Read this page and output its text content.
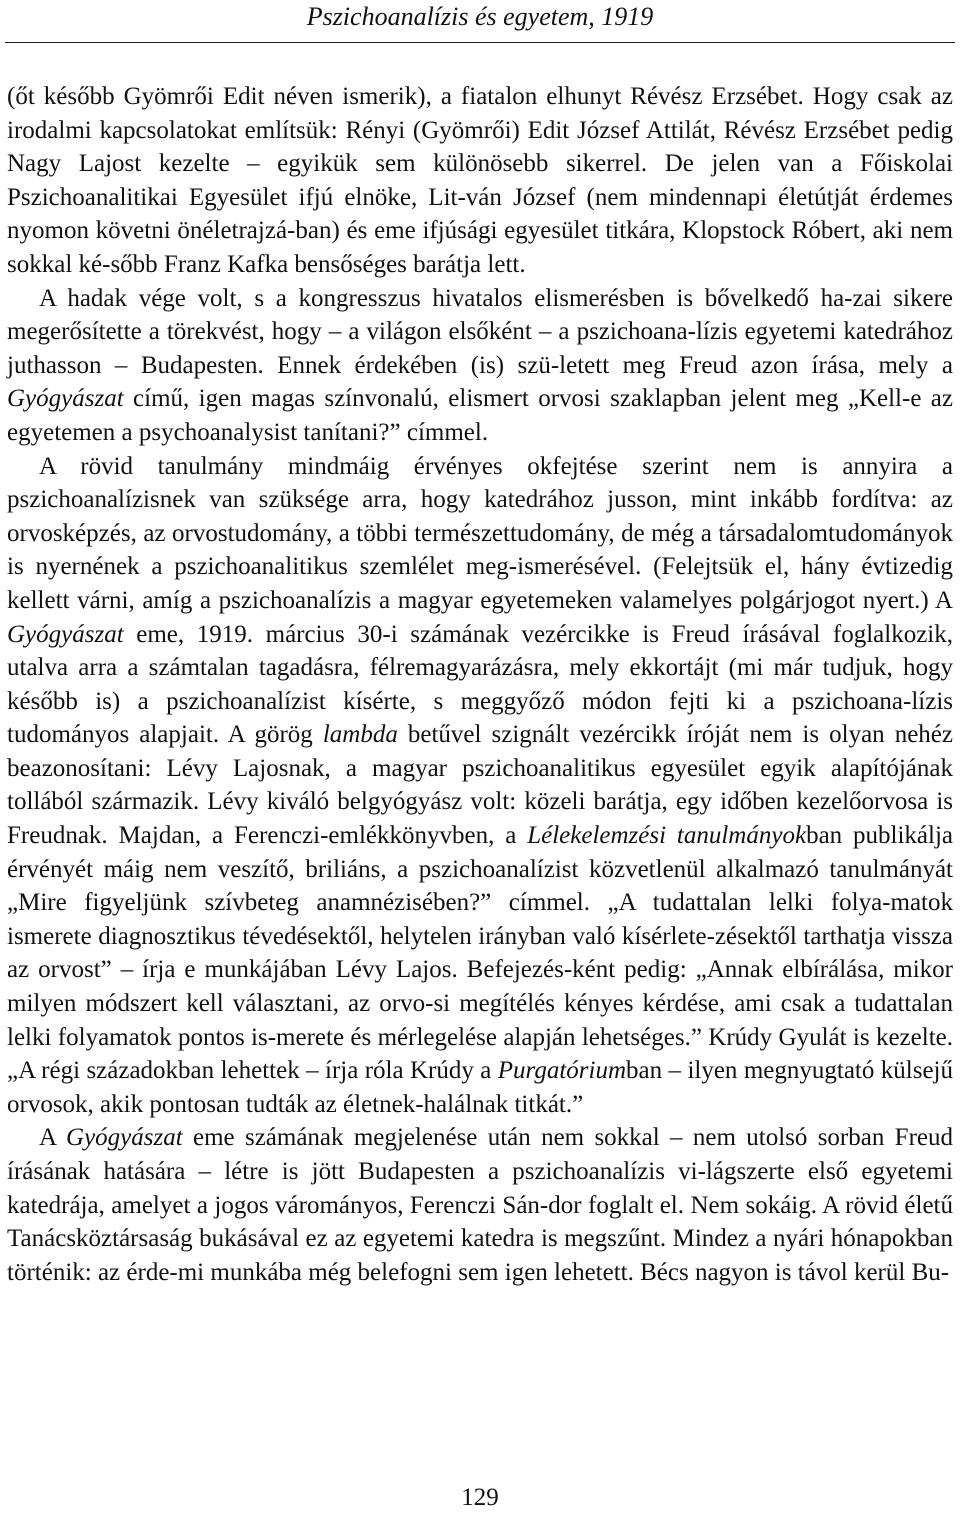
Pszichoanalízis és egyetem, 1919

(őt később Gyömrői Edit néven ismerik), a fiatalon elhunyt Révész Erzsébet. Hogy csak az irodalmi kapcsolatokat említsük: Rényi (Gyömrői) Edit József Attilát, Révész Erzsébet pedig Nagy Lajost kezelte – egyikük sem különösebb sikerrel. De jelen van a Főiskolai Pszichoanalitikai Egyesület ifjú elnöke, Lit-ván József (nem mindennapi életútját érdemes nyomon követni önéletrajzá-ban) és eme ifjúsági egyesület titkára, Klopstock Róbert, aki nem sokkal ké-sőbb Franz Kafka bensőséges barátja lett.

A hadak vége volt, s a kongresszus hivatalos elismerésben is bővelkedő ha-zai sikere megerősítette a törekvést, hogy – a világon elsőként – a pszichoana-lízis egyetemi katedrához juthasson – Budapesten. Ennek érdekében (is) szü-letett meg Freud azon írása, mely a Gyógyászat című, igen magas színvonalú, elismert orvosi szaklapban jelent meg „Kell-e az egyetemen a psychoanalysist tanítani?” címmel.

A rövid tanulmány mindmáig érvényes okfejtése szerint nem is annyira a pszichoanalízisnek van szüksége arra, hogy katedrához jusson, mint inkább fordítva: az orvosképzés, az orvostudomány, a többi természettudomány, de még a társadalomtudományok is nyernének a pszichoanalitikus szemlélet meg-ismerésével. (Felejtsük el, hány évtizedig kellett várni, amíg a pszichoanalízis a magyar egyetemeken valamelyes polgárjogot nyert.) A Gyógyászat eme, 1919. március 30-i számának vezércikke is Freud írásával foglalkozik, utalva arra a számtalan tagadásra, félremagyarázásra, mely ekkortájt (mi már tudjuk, hogy később is) a pszichoanalízist kísérte, s meggyőző módon fejti ki a pszichoana-lízis tudományos alapjait. A görög lambda betűvel szignált vezércikk íróját nem is olyan nehéz beazonosítani: Lévy Lajosnak, a magyar pszichoanalitikus egyesület egyik alapítójának tollából származik. Lévy kiváló belgyógyász volt: közeli barátja, egy időben kezelőorvosa is Freudnak. Majdan, a Ferenczi-emlékkönyvben, a Lélekelemzési tanulmányokban publikálja érvényét máig nem veszítő, briliáns, a pszichoanalízist közvetlenül alkalmazó tanulmányát „Mire figyeljünk szívbeteg anamnézisében?” címmel. „A tudattalan lelki folya-matok ismerete diagnosztikus tévedésektől, helytelen irányban való kísérlete-zésektől tarthatja vissza az orvost” – írja e munkájában Lévy Lajos. Befejezés-ként pedig: „Annak elbírálása, mikor milyen módszert kell választani, az orvo-si megítélés kényes kérdése, ami csak a tudattalan lelki folyamatok pontos is-merete és mérlegelése alapján lehetséges.” Krúdy Gyulát is kezelte. „A régi századokban lehettek – írja róla Krúdy a Purgatóriumban – ilyen megnyugtató külsejű orvosok, akik pontosan tudták az életnek-halálnak titkát.”

A Gyógyászat eme számának megjelenése után nem sokkal – nem utolsó sorban Freud írásának hatására – létre is jött Budapesten a pszichoanalízis vi-lágszerte első egyetemi katedrája, amelyet a jogos várományos, Ferenczi Sán-dor foglalt el. Nem sokáig. A rövid életű Tanácsköztársaság bukásával ez az egyetemi katedra is megszűnt. Mindez a nyári hónapokban történik: az érde-mi munkába még belefogni sem igen lehetett. Bécs nagyon is távol kerül Bu-

129
